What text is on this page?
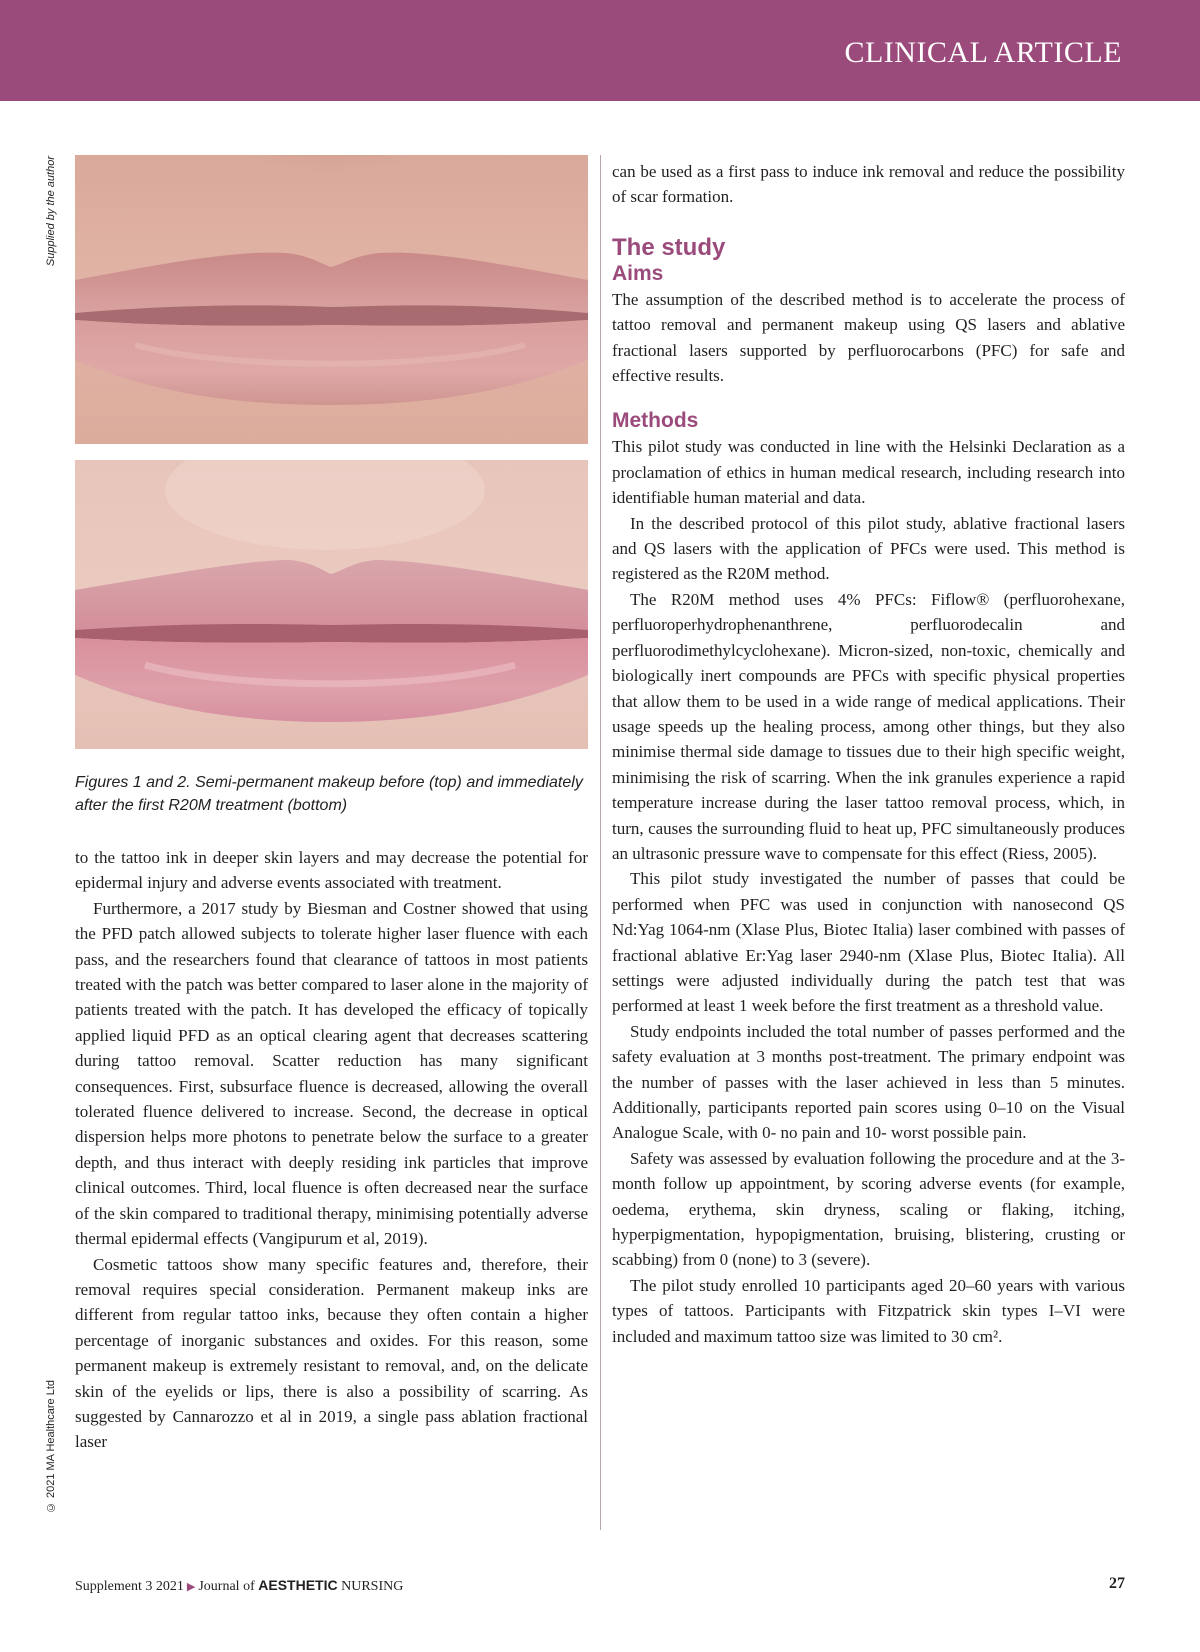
CLINICAL ARTICLE
Supplied by the author
© 2021 MA Healthcare Ltd
Figures 1 and 2. Semi-permanent makeup before (top) and immediately after the first R20M treatment (bottom)

to the tattoo ink in deeper skin layers and may decrease the potential for epidermal injury and adverse events associated with treatment.

Furthermore, a 2017 study by Biesman and Costner showed that using the PFD patch allowed subjects to tolerate higher laser fluence with each pass, and the researchers found that clearance of tattoos in most patients treated with the patch was better compared to laser alone in the majority of patients treated with the patch. It has developed the efficacy of topically applied liquid PFD as an optical clearing agent that decreases scattering during tattoo removal. Scatter reduction has many significant consequences. First, subsurface fluence is decreased, allowing the overall tolerated fluence delivered to increase. Second, the decrease in optical dispersion helps more photons to penetrate below the surface to a greater depth, and thus interact with deeply residing ink particles that improve clinical outcomes. Third, local fluence is often decreased near the surface of the skin compared to traditional therapy, minimising potentially adverse thermal epidermal effects (Vangipurum et al, 2019).

Cosmetic tattoos show many specific features and, therefore, their removal requires special consideration. Permanent makeup inks are different from regular tattoo inks, because they often contain a higher percentage of inorganic substances and oxides. For this reason, some permanent makeup is extremely resistant to removal, and, on the delicate skin of the eyelids or lips, there is also a possibility of scarring. As suggested by Cannarozzo et al in 2019, a single pass ablation fractional laser

can be used as a first pass to induce ink removal and reduce the possibility of scar formation.

The study
Aims

The assumption of the described method is to accelerate the process of tattoo removal and permanent makeup using QS lasers and ablative fractional lasers supported by perfluorocarbons (PFC) for safe and effective results.

Methods

This pilot study was conducted in line with the Helsinki Declaration as a proclamation of ethics in human medical research, including research into identifiable human material and data.

In the described protocol of this pilot study, ablative fractional lasers and QS lasers with the application of PFCs were used. This method is registered as the R20M method.

The R20M method uses 4% PFCs: Fiflow® (perfluorohexane, perfluoroperhydrophenanthrene, perfluorodecalin and perfluorodimethylcyclohexane). Micron-sized, non-toxic, chemically and biologically inert compounds are PFCs with specific physical properties that allow them to be used in a wide range of medical applications. Their usage speeds up the healing process, among other things, but they also minimise thermal side damage to tissues due to their high specific weight, minimising the risk of scarring. When the ink granules experience a rapid temperature increase during the laser tattoo removal process, which, in turn, causes the surrounding fluid to heat up, PFC simultaneously produces an ultrasonic pressure wave to compensate for this effect (Riess, 2005).

This pilot study investigated the number of passes that could be performed when PFC was used in conjunction with nanosecond QS Nd:Yag 1064-nm (Xlase Plus, Biotec Italia) laser combined with passes of fractional ablative Er:Yag laser 2940-nm (Xlase Plus, Biotec Italia). All settings were adjusted individually during the patch test that was performed at least 1 week before the first treatment as a threshold value.

Study endpoints included the total number of passes performed and the safety evaluation at 3 months post-treatment. The primary endpoint was the number of passes with the laser achieved in less than 5 minutes. Additionally, participants reported pain scores using 0–10 on the Visual Analogue Scale, with 0- no pain and 10- worst possible pain.

Safety was assessed by evaluation following the procedure and at the 3-month follow up appointment, by scoring adverse events (for example, oedema, erythema, skin dryness, scaling or flaking, itching, hyperpigmentation, hypopigmentation, bruising, blistering, crusting or scabbing) from 0 (none) to 3 (severe).

The pilot study enrolled 10 participants aged 20–60 years with various types of tattoos. Participants with Fitzpatrick skin types I–VI were included and maximum tattoo size was limited to 30 cm².

Supplement 3 2021 ▶ Journal of AESTHETIC NURSING	27
